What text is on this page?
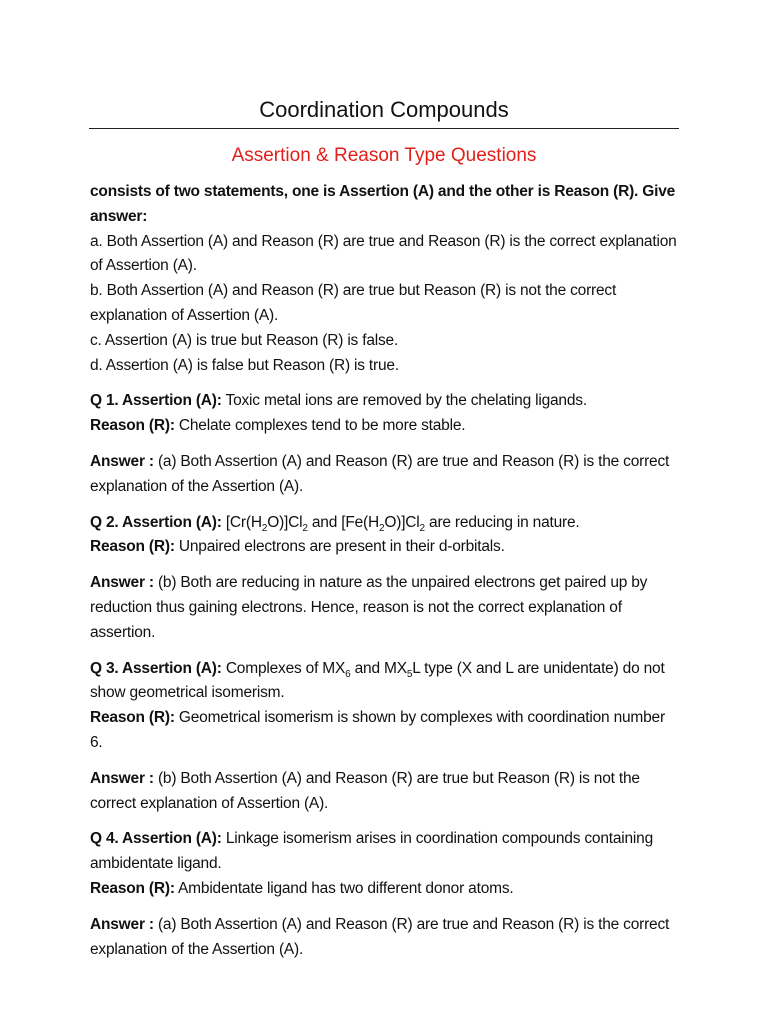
Coordination Compounds
Assertion & Reason Type Questions

consists of two statements, one is Assertion (A) and the other is Reason (R). Give answer:

a. Both Assertion (A) and Reason (R) are true and Reason (R) is the correct explanation of Assertion (A).

b. Both Assertion (A) and Reason (R) are true but Reason (R) is not the correct explanation of Assertion (A).

c. Assertion (A) is true but Reason (R) is false.

d. Assertion (A) is false but Reason (R) is true.

Q 1. Assertion (A): Toxic metal ions are removed by the chelating ligands.

Reason (R): Chelate complexes tend to be more stable.

Answer : (a) Both Assertion (A) and Reason (R) are true and Reason (R) is the correct explanation of the Assertion (A).

Q 2. Assertion (A): $[Cr(H_2O)]Cl_2$ and $[Fe(H_2O)]Cl_2$ are reducing in nature.

Reason (R): Unpaired electrons are present in their d-orbitals.

Answer : (b) Both are reducing in nature as the unpaired electrons get paired up by reduction thus gaining electrons. Hence, reason is not the correct explanation of assertion.

Q 3. Assertion (A): Complexes of $MX_6$ and $MX_5L$ type (X and L are unidentate) do not show geometrical isomerism.

Reason (R): Geometrical isomerism is shown by complexes with coordination number 6.

Answer : (b) Both Assertion (A) and Reason (R) are true but Reason (R) is not the correct explanation of Assertion (A).

Q 4. Assertion (A): Linkage isomerism arises in coordination compounds containing ambidentate ligand.

Reason (R): Ambidentate ligand has two different donor atoms.

Answer : (a) Both Assertion (A) and Reason (R) are true and Reason (R) is the correct explanation of the Assertion (A).
